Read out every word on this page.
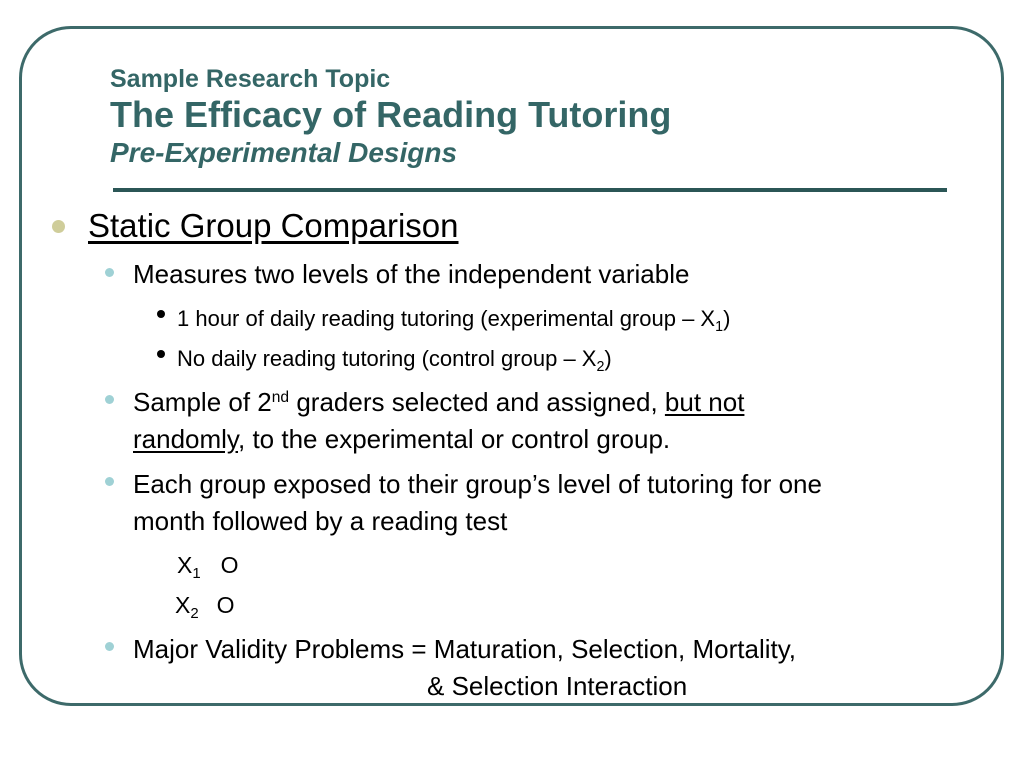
Sample Research Topic
The Efficacy of Reading Tutoring
Pre-Experimental Designs
Static Group Comparison
Measures two levels of the independent variable
1 hour of daily reading tutoring (experimental group – $X_1$)
No daily reading tutoring (control group – $X_2$)
Sample of 2nd graders selected and assigned, but not
randomly, to the experimental or control group.
Each group exposed to their group’s level of tutoring for one
month followed by a reading test
$X_1$ O
$X_2$ O
Major Validity Problems = Maturation, Selection, Mortality,
& Selection Interaction
